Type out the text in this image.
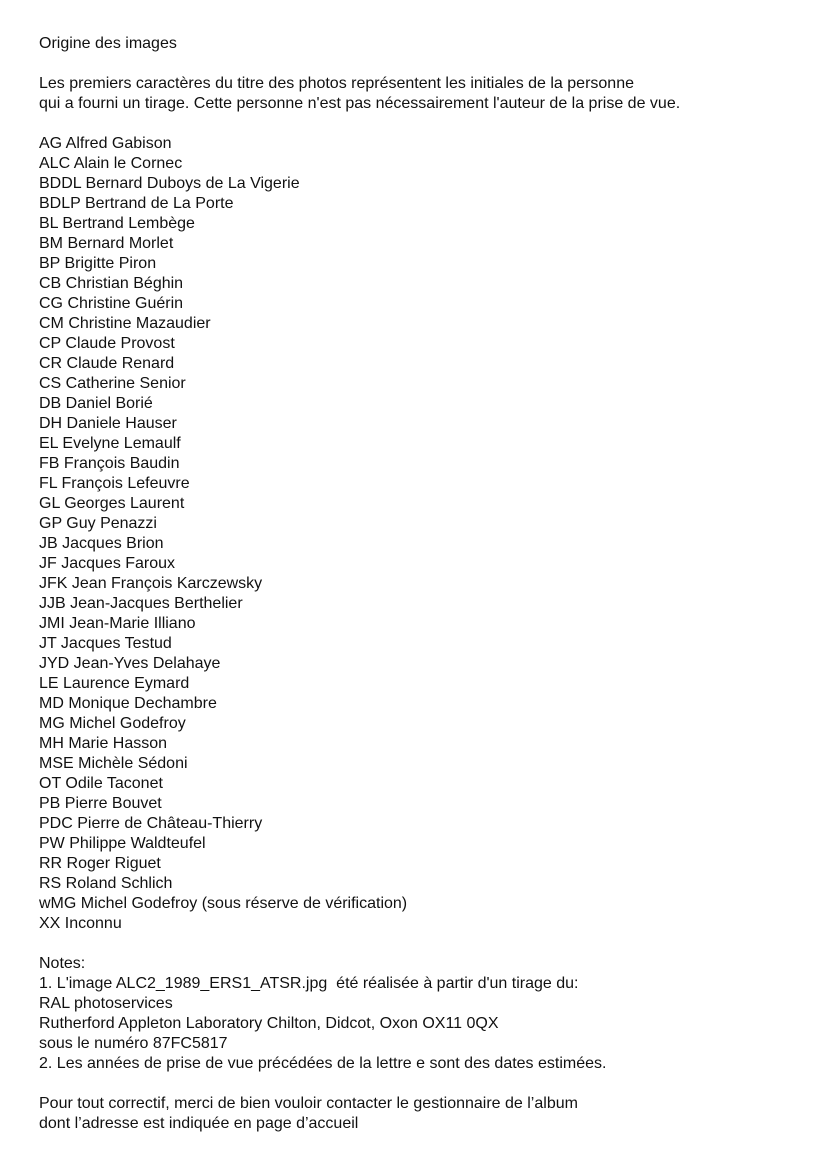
Origine des images
Les premiers caractères du titre des photos représentent les initiales de la personne
qui a fourni un tirage. Cette personne n'est pas nécessairement l'auteur de la prise de vue.
AG Alfred Gabison
ALC Alain le Cornec
BDDL Bernard Duboys de La Vigerie
BDLP Bertrand de La Porte
BL Bertrand Lembège
BM Bernard Morlet
BP Brigitte Piron
CB Christian Béghin
CG Christine Guérin
CM Christine Mazaudier
CP Claude Provost
CR Claude Renard
CS Catherine Senior
DB Daniel Borié
DH Daniele Hauser
EL Evelyne Lemaulf
FB François Baudin
FL François Lefeuvre
GL Georges Laurent
GP Guy Penazzi
JB Jacques Brion
JF Jacques Faroux
JFK Jean François Karczewsky
JJB Jean-Jacques Berthelier
JMI Jean-Marie Illiano
JT Jacques Testud
JYD Jean-Yves Delahaye
LE Laurence Eymard
MD Monique Dechambre
MG Michel Godefroy
MH Marie Hasson
MSE Michèle Sédoni
OT Odile Taconet
PB Pierre Bouvet
PDC Pierre de Château-Thierry
PW Philippe Waldteufel
RR Roger Riguet
RS Roland Schlich
wMG Michel Godefroy (sous réserve de vérification)
XX Inconnu
Notes:
1. L'image ALC2_1989_ERS1_ATSR.jpg  été réalisée à partir d'un tirage du:
RAL photoservices
Rutherford Appleton Laboratory Chilton, Didcot, Oxon OX11 0QX
sous le numéro 87FC5817
2. Les années de prise de vue précédées de la lettre e sont des dates estimées.
Pour tout correctif, merci de bien vouloir contacter le gestionnaire de l’album
dont l’adresse est indiquée en page d’accueil
